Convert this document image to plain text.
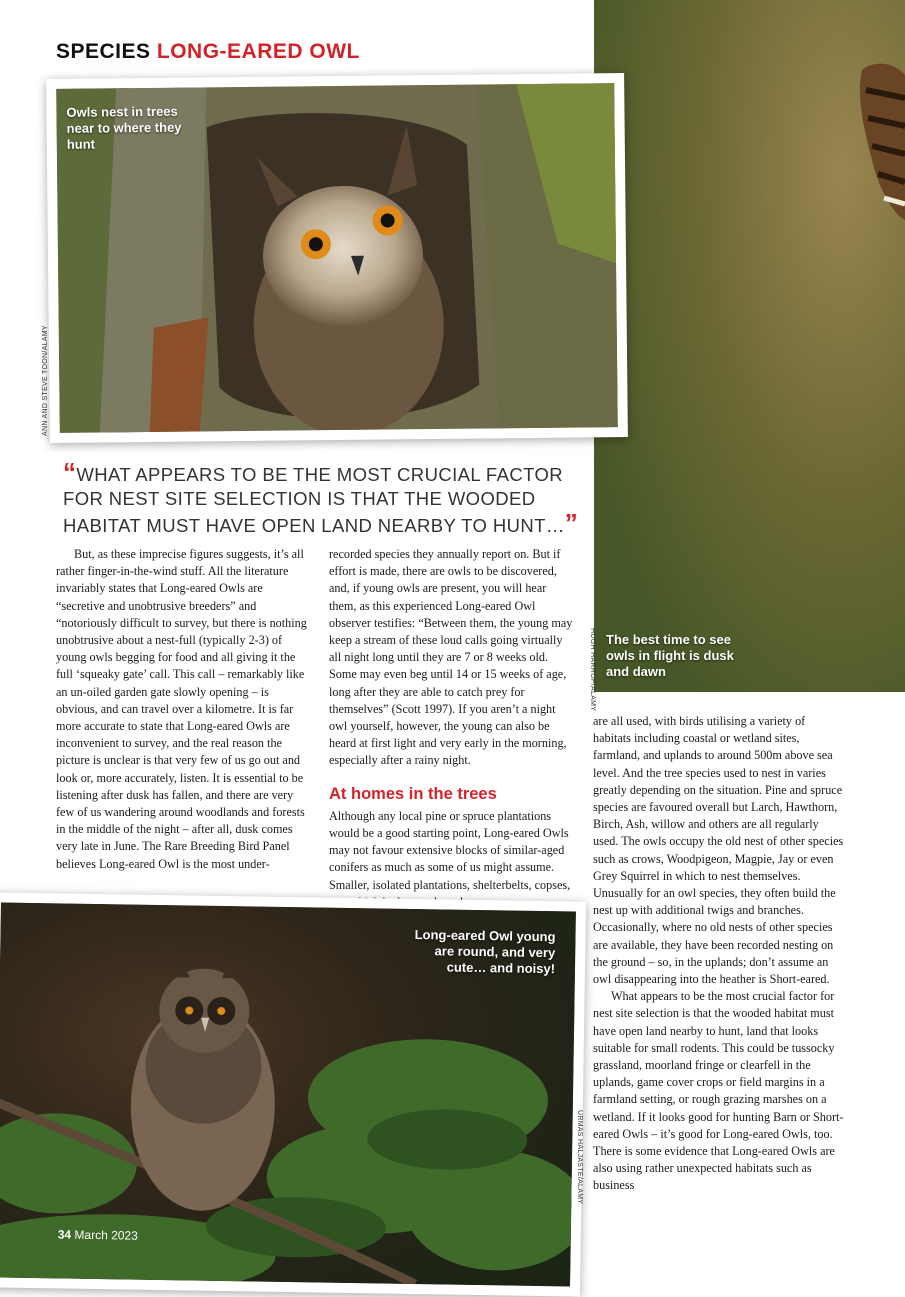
The best time to see owls in flight is dusk and dawn
HUGH HARROP/ALAMY
SPECIES LONG-EARED OWL
Owls nest in trees near to where they hunt
ANN AND STEVE TOON/ALAMY
“WHAT APPEARS TO BE THE MOST CRUCIAL FACTOR FOR NEST SITE SELECTION IS THAT THE WOODED HABITAT MUST HAVE OPEN LAND NEARBY TO HUNT…”

But, as these imprecise figures suggests, it’s all rather finger-in-the-wind stuff. All the literature invariably states that Long-eared Owls are “secretive and unobtrusive breeders” and “notoriously difficult to survey, but there is nothing unobtrusive about a nest-full (typically 2-3) of young owls begging for food and all giving it the full ‘squeaky gate’ call. This call – remarkably like an un-oiled garden gate slowly opening – is obvious, and can travel over a kilometre. It is far more accurate to state that Long-eared Owls are inconvenient to survey, and the real reason the picture is unclear is that very few of us go out and look or, more accurately, listen. It is essential to be listening after dusk has fallen, and there are very few of us wandering around woodlands and forests in the middle of the night – after all, dusk comes very late in June. The Rare Breeding Bird Panel believes Long-eared Owl is the most under-

recorded species they annually report on. But if effort is made, there are owls to be discovered, and, if young owls are present, you will hear them, as this experienced Long-eared Owl observer testifies: “Between them, the young may keep a stream of these loud calls going virtually all night long until they are 7 or 8 weeks old. Some may even beg until 14 or 15 weeks of age, long after they are able to catch prey for themselves” (Scott 1997). If you aren’t a night owl yourself, however, the young can also be heard at first light and very early in the morning, especially after a rainy night.

At homes in the trees

Although any local pine or spruce plantations would be a good starting point, Long-eared Owls may not favour extensive blocks of similar-aged conifers as much as some of us might assume. Smaller, isolated plantations, shelterbelts, copses,

are all used, with birds utilising a variety of habitats including coastal or wetland sites, farmland, and uplands to around 500m above sea level. And the tree species used to nest in varies greatly depending on the situation. Pine and spruce species are favoured overall but Larch, Hawthorn, Birch, Ash, willow and others are all regularly used. The owls occupy the old nest of other species such as crows, Woodpigeon, Magpie, Jay or even Grey Squirrel in which to nest themselves. Unusually for an owl species, they often build the nest up with additional twigs and branches. Occasionally, where no old nests of other species are available, they have been recorded nesting on the ground – so, in the uplands; don’t assume an owl disappearing into the heather is Short-eared.

What appears to be the most crucial factor for nest site selection is that the wooded habitat must have open land nearby to hunt, land that looks suitable for small rodents. This could be tussocky grassland, moorland fringe or clearfell in the uplands, game cover crops or field margins in a farmland setting, or rough grazing marshes on a wetland. If it looks good for hunting Barn or Short-eared Owls – it’s good for Long-eared Owls, too. There is some evidence that Long-eared Owls are also using rather unexpected habitats such as business

Long-eared Owl young are round, and very cute… and noisy!
34 March 2023
URMAS HALJASTE/ALAMY
